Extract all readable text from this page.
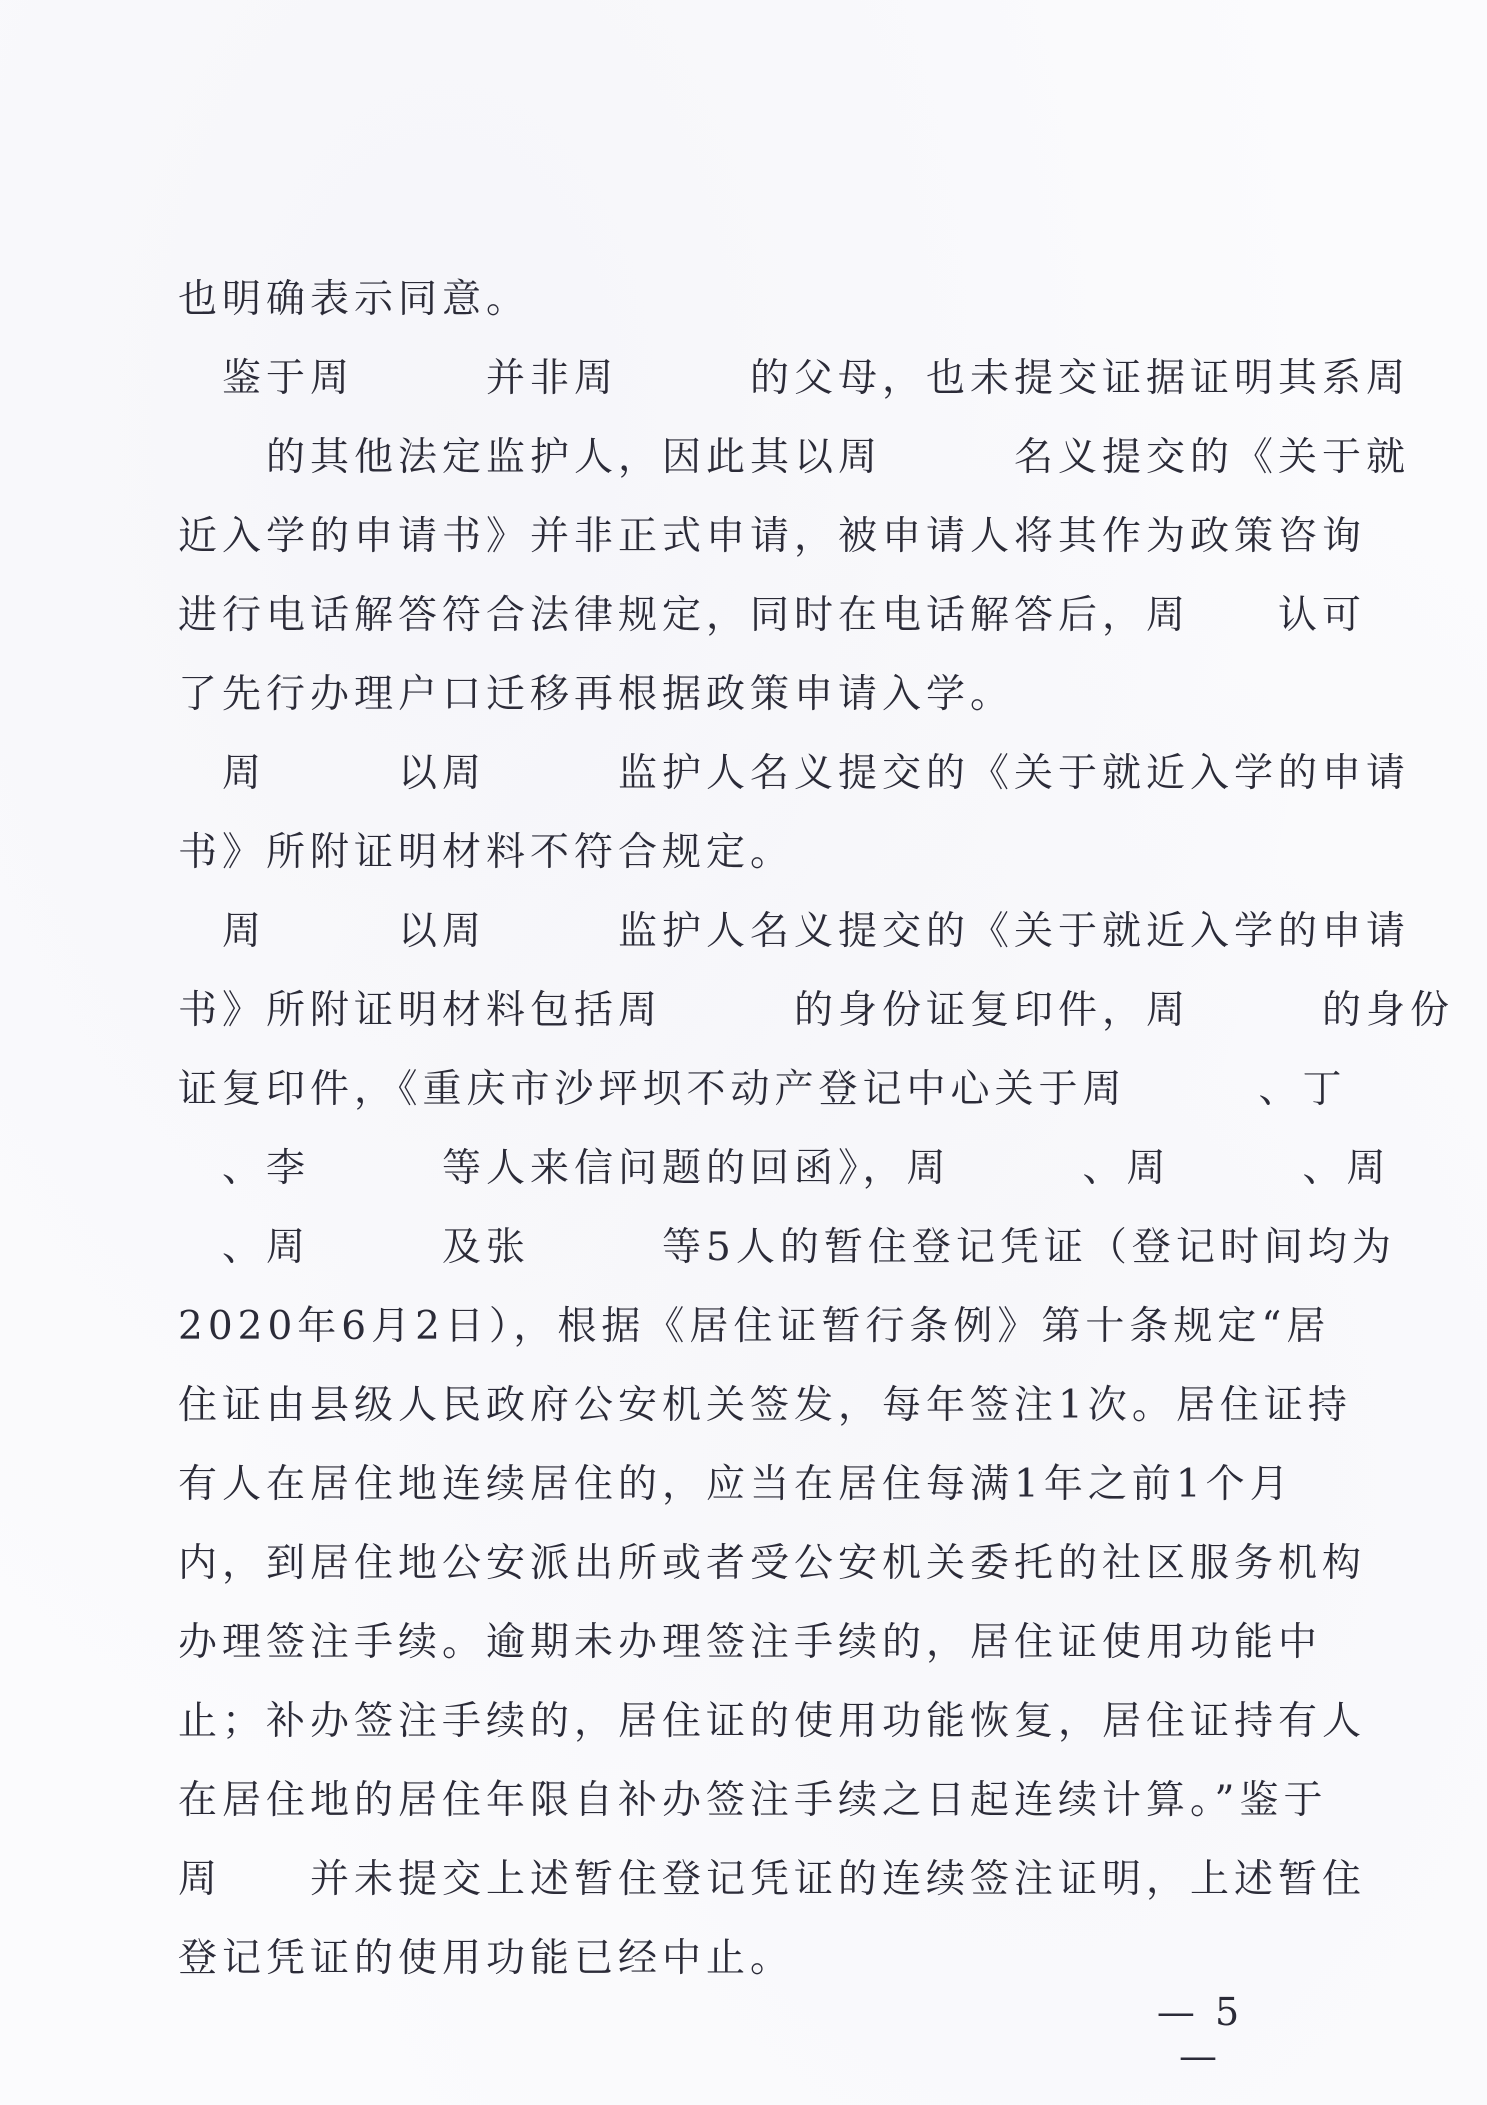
也明确表示同意。
　鉴于周　　　并非周　　　的父母，也未提交证据证明其系周
　　的其他法定监护人，因此其以周　　　名义提交的《关于就
近入学的申请书》并非正式申请，被申请人将其作为政策咨询
进行电话解答符合法律规定，同时在电话解答后，周　　认可
了先行办理户口迁移再根据政策申请入学。
　周　　　以周　　　监护人名义提交的《关于就近入学的申请
书》所附证明材料不符合规定。
　周　　　以周　　　监护人名义提交的《关于就近入学的申请
书》所附证明材料包括周　　　的身份证复印件，周　　　的身份
证复印件，《重庆市沙坪坝不动产登记中心关于周　　　、丁
　、李　　　等人来信问题的回函》，周　　　、周　　　、周
　、周　　　及张　　　等5人的暂住登记凭证（登记时间均为
2020年6月2日），根据《居住证暂行条例》第十条规定“居
住证由县级人民政府公安机关签发，每年签注1次。居住证持
有人在居住地连续居住的，应当在居住每满1年之前1个月
内，到居住地公安派出所或者受公安机关委托的社区服务机构
办理签注手续。逾期未办理签注手续的，居住证使用功能中
止；补办签注手续的，居住证的使用功能恢复，居住证持有人
在居住地的居住年限自补办签注手续之日起连续计算。”鉴于
周　　并未提交上述暂住登记凭证的连续签注证明，上述暂住
登记凭证的使用功能已经中止。
— 5 —
